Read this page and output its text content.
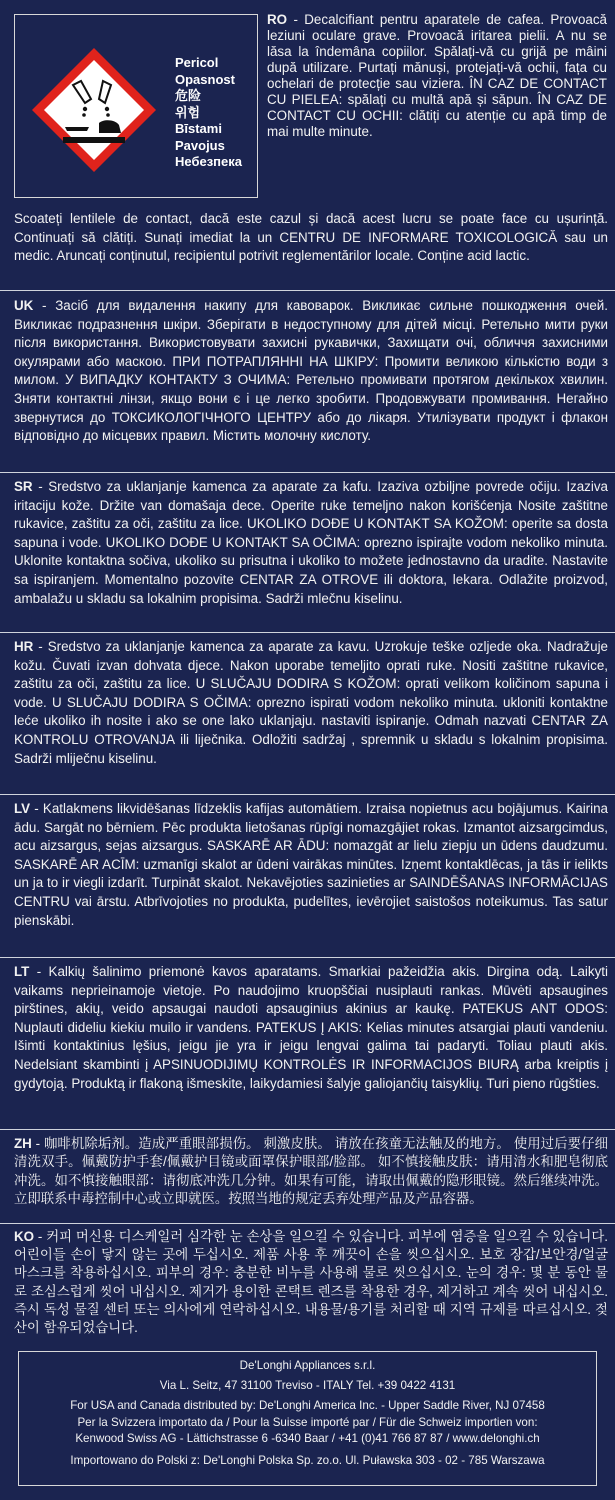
Pericol
Opasnost
危险
위험
Bīstami
Pavojus
Небезпека
RO - Decalcifiant pentru aparatele de cafea. Provoacă leziuni oculare grave. Provoacă iritarea pielii. A nu se lăsa la îndemâna copiilor. Spălați-vă cu grijă pe mâini după utilizare. Purtați mănuși, protejați-vă ochii, fața cu ochelari de protecție sau viziera. ÎN CAZ DE CONTACT CU PIELEA: spălați cu multă apă și săpun. ÎN CAZ DE CONTACT CU OCHII: clătiți cu atenție cu apă timp de mai multe minute.
Scoateți lentilele de contact, dacă este cazul și dacă acest lucru se poate face cu ușurință. Continuați să clătiți. Sunați imediat la un CENTRU DE INFORMARE TOXICOLOGICĂ sau un medic. Aruncați conținutul, recipientul potrivit reglementărilor locale. Conține acid lactic.
UK - Засіб для видалення накипу для кавоварок. Викликає сильне пошкодження очей. Викликає подразнення шкіри. Зберігати в недоступному для дітей місці. Ретельно мити руки після використання. Використовувати захисні рукавички, Захищати очі, обличчя захисними окулярами або маскою. ПРИ ПОТРАПЛЯННІ НА ШКІРУ: Промити великою кількістю води з милом. У ВИПАДКУ КОНТАКТУ З ОЧИМА: Ретельно промивати протягом декількох хвилин. Зняти контактні лінзи, якщо вони є і це легко зробити. Продовжувати промивання. Негайно звернутися до ТОКСИКОЛОГІЧНОГО ЦЕНТРУ або до лікаря. Утилізувати продукт і флакон відповідно до місцевих правил. Містить молочну кислоту.
SR - Sredstvo za uklanjanje kamenca za aparate za kafu. Izaziva ozbiljne povrede očiju. Izaziva iritaciju kože. Držite van domašaja dece. Operite ruke temeljno nakon korišćenja Nosite zaštitne rukavice, zaštitu za oči, zaštitu za lice. UKOLIKO DOĐE U KONTAKT SA KOŽOM: operite sa dosta sapuna i vode. UKOLIKO DOĐE U KONTAKT SA OČIMA: oprezno ispirajte vodom nekoliko minuta. Uklonite kontaktna sočiva, ukoliko su prisutna i ukoliko to možete jednostavno da uradite. Nastavite sa ispiranjem. Momentalno pozovite CENTAR ZA OTROVE ili doktora, lekara. Odlažite proizvod, ambalažu u skladu sa lokalnim propisima. Sadrži mlečnu kiselinu.
HR - Sredstvo za uklanjanje kamenca za aparate za kavu. Uzrokuje teške ozljede oka. Nadražuje kožu. Čuvati izvan dohvata djece. Nakon uporabe temeljito oprati ruke. Nositi zaštitne rukavice, zaštitu za oči, zaštitu za lice. U SLUČAJU DODIRA S KOŽOM: oprati velikom količinom sapuna i vode. U SLUČAJU DODIRA S OČIMA: oprezno ispirati vodom nekoliko minuta. ukloniti kontaktne leće ukoliko ih nosite i ako se one lako uklanjaju. nastaviti ispiranje. Odmah nazvati CENTAR ZA KONTROLU OTROVANJA ili liječnika. Odložiti sadržaj , spremnik u skladu s lokalnim propisima. Sadrži mliječnu kiselinu.
LV - Katlakmens likvidēšanas līdzeklis kafijas automātiem. Izraisa nopietnus acu bojājumus. Kairina ādu. Sargāt no bērniem. Pēc produkta lietošanas rūpīgi nomazgājiet rokas. Izmantot aizsargcimdus, acu aizsargus, sejas aizsargus. SASKARĒ AR ĀDU: nomazgāt ar lielu ziepju un ūdens daudzumu. SASKARĒ AR ACĪM: uzmanīgi skalot ar ūdeni vairākas minūtes. Izņemt kontaktlēcas, ja tās ir ielikts un ja to ir viegli izdarīt. Turpināt skalot. Nekavējoties sazinieties ar SAINDĒŠANAS INFORMĀCIJAS CENTRU vai ārstu. Atbrīvojoties no produkta, pudelītes, ievērojiet saistošos noteikumus. Tas satur pienskābi.
LT - Kalkių šalinimo priemonė kavos aparatams. Smarkiai pažeidžia akis. Dirgina odą. Laikyti vaikams neprieinamoje vietoje. Po naudojimo kruopščiai nusiplauti rankas. Mūvėti apsaugines pirštines, akių, veido apsaugai naudoti apsauginius akinius ar kaukę. PATEKUS ANT ODOS: Nuplauti dideliu kiekiu muilo ir vandens. PATEKUS Į AKIS: Kelias minutes atsargiai plauti vandeniu. Išimti kontaktinius lęšius, jeigu jie yra ir jeigu lengvai galima tai padaryti. Toliau plauti akis. Nedelsiant skambinti į APSINUODIJIMŲ KONTROLĖS IR INFORMACIJOS BIURĄ arba kreiptis į gydytoją. Produktą ir flakoną išmeskite, laikydamiesi šalyje galiojančių taisyklių. Turi pieno rūgšties.
ZH - 咖啡机除垢剂。造成严重眼部损伤。 刺激皮肤。 请放在孩童无法触及的地方。 使用过后要仔细清洗双手。佩戴防护手套/佩戴护目镜或面罩保护眼部/脸部。 如不慎接触皮肤：请用清水和肥皂彻底冲洗。如不慎接触眼部：请彻底冲洗几分钟。如果有可能，请取出佩戴的隐形眼镜。然后继续冲洗。立即联系中毒控制中心或立即就医。按照当地的规定丢弃处理产品及产品容器。
KO - 커피 머신용 디스케일러 심각한 눈 손상을 일으킬 수 있습니다. 피부에 염증을 일으킬 수 있습니다. 어린이들 손이 닿지 않는 곳에 두십시오. 제품 사용 후 깨끗이 손을 씻으십시오. 보호 장갑/보안경/얼굴 마스크를 착용하십시오. 피부의 경우: 충분한 비누를 사용해 물로 씻으십시오. 눈의 경우: 몇 분 동안 물로 조심스럽게 씻어 내십시오. 제거가 용이한 콘택트 렌즈를 착용한 경우, 제거하고 계속 씻어 내십시오. 즉시 독성 물질 센터 또는 의사에게 연락하십시오. 내용물/용기를 처리할 때 지역 규제를 따르십시오. 젖산이 함유되었습니다.
De'Longhi Appliances s.r.l.
Via L. Seitz, 47 31100 Treviso - ITALY Tel. +39 0422 4131
For USA and Canada distributed by: De'Longhi America Inc. - Upper Saddle River, NJ 07458
Per la Svizzera importato da / Pour la Suisse importé par / Für die Schweiz importien von:
Kenwood Swiss AG - Lättichstrasse 6 -6340 Baar / +41 (0)41 766 87 87 / www.delonghi.ch
Importowano do Polski z: De'Longhi Polska Sp. zo.o. Ul. Puławska 303 - 02 - 785 Warszawa
